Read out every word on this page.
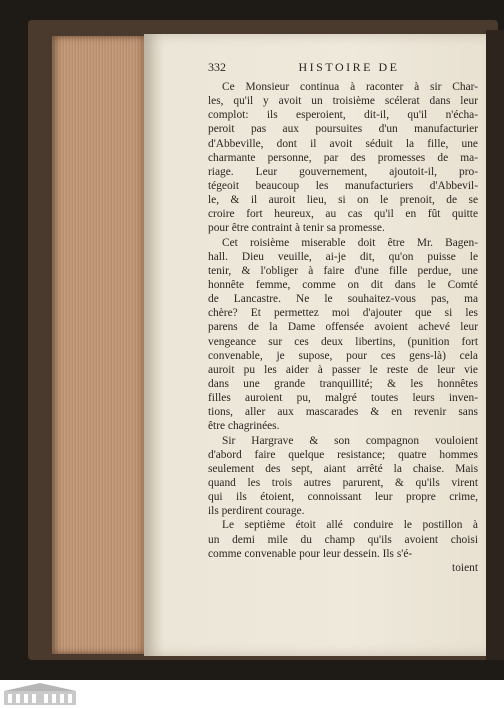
332	HISTOIRE DE

Ce Monsieur continua à raconter à sir Char-
les, qu'il y avoit un troisième scélerat dans leur
complot: ils esperoient, dit-il, qu'il n'écha-
peroit pas aux poursuites d'un manufacturier
d'Abbeville, dont il avoit séduit la fille, une
charmante personne, par des promesses de ma-
riage. Leur gouvernement, ajoutoit-il, pro-
tégeoit beaucoup les manufacturiers d'Abbevil-
le, & il auroit lieu, si on le prenoit, de se
croire fort heureux, au cas qu'il en fût quitte
pour être contraint à tenir sa promesse.

Cet roisième miserable doit être Mr. Bagen-
hall. Dieu veuille, ai-je dit, qu'on puisse le
tenir, & l'obliger à faire d'une fille perdue, une
honnête femme, comme on dit dans le Comté
de Lancastre. Ne le souhaitez-vous pas, ma
chère? Et permettez moi d'ajouter que si les
parens de la Dame offensée avoient achevé leur
vengeance sur ces deux libertins, (punition fort
convenable, je supose, pour ces gens-là) cela
auroit pu les aider à passer le reste de leur vie
dans une grande tranquillité; & les honnêtes
filles auroient pu, malgré toutes leurs inven-
tions, aller aux mascarades & en revenir sans
être chagrinées.

Sir Hargrave & son compagnon vouloient
d'abord faire quelque resistance; quatre hommes
seulement des sept, aiant arrêté la chaise. Mais
quand les trois autres parurent, & qu'ils virent
qui ils étoient, connoissant leur propre crime,
ils perdirent courage.

Le septième étoit allé conduire le postillon à
un demi mile du champ qu'ils avoient choisi
comme convenable pour leur dessein. Ils s'é-

toient
